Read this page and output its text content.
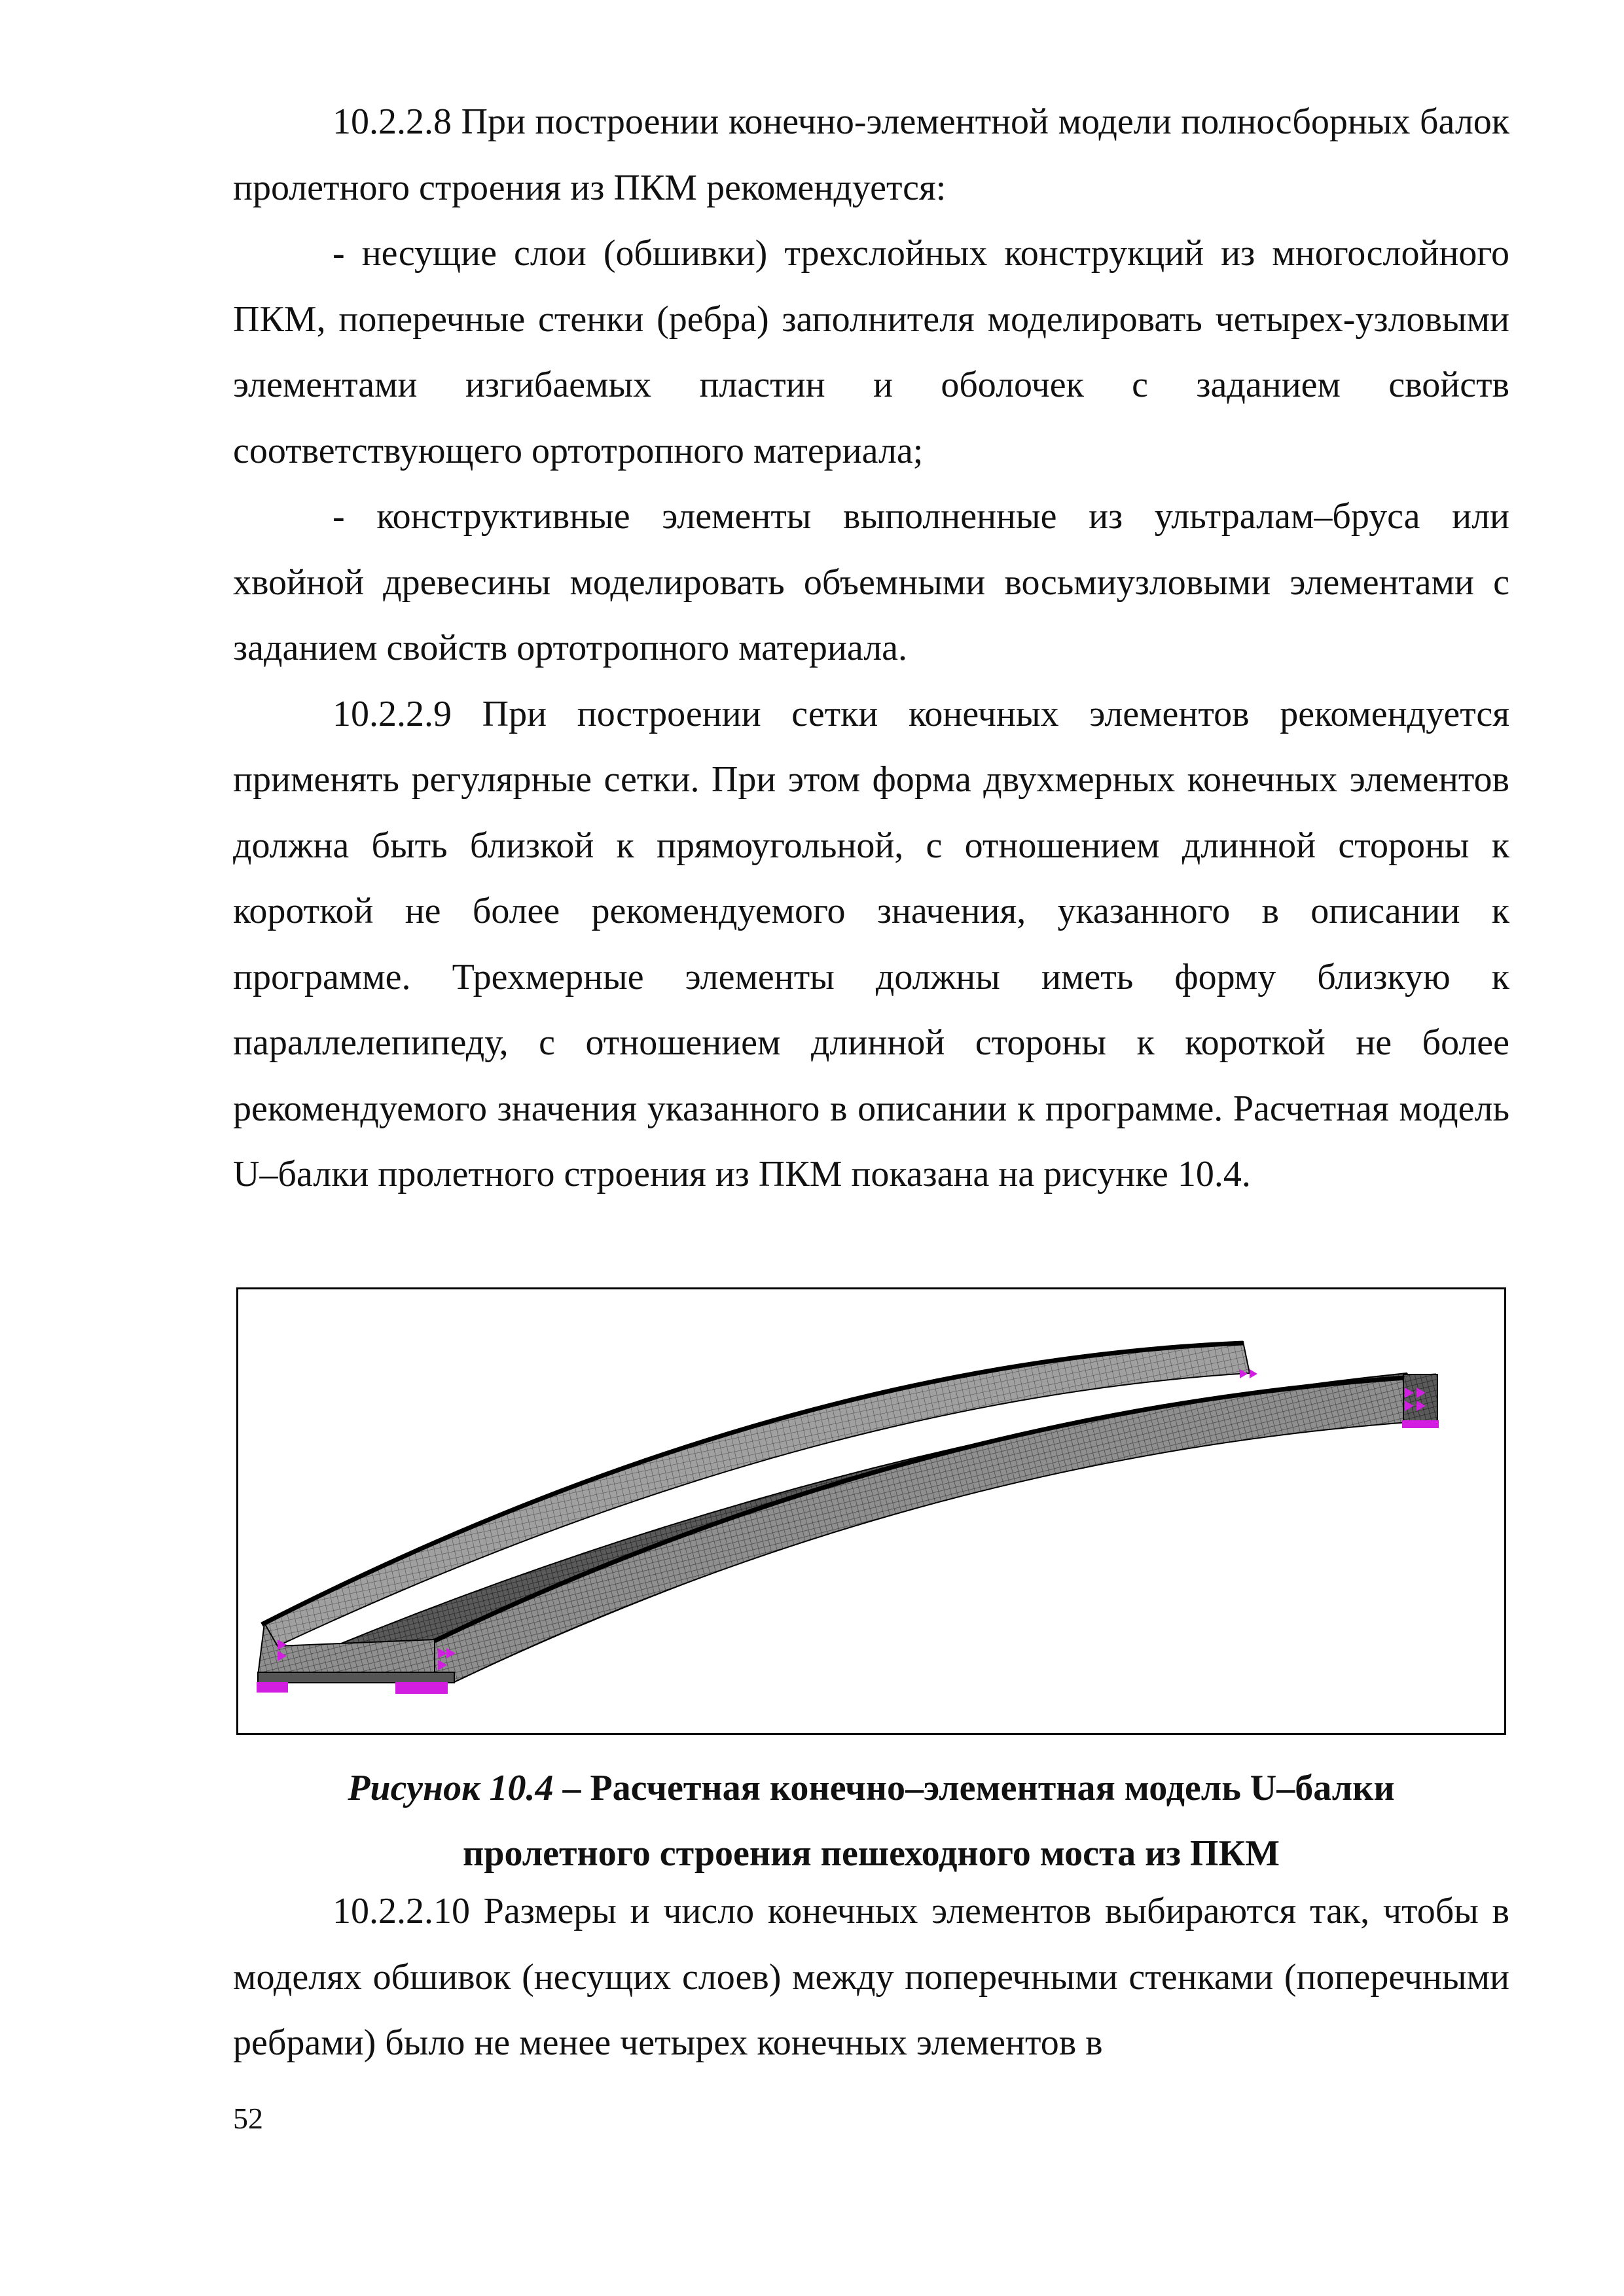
10.2.2.8 При построении конечно-элементной модели полносборных балок пролетного строения из ПКМ рекомендуется:

- несущие слои (обшивки) трехслойных конструкций из многослойного ПКМ, поперечные стенки (ребра) заполнителя моделировать четырех-узловыми элементами изгибаемых пластин и оболочек с заданием свойств соответствующего ортотропного материала;

- конструктивные элементы выполненные из ультралам–бруса или хвойной древесины моделировать объемными восьмиузловыми элементами с заданием свойств ортотропного материала.

10.2.2.9 При построении сетки конечных элементов рекомендуется применять регулярные сетки. При этом форма двухмерных конечных элементов должна быть близкой к прямоугольной, с отношением длинной стороны к короткой не более рекомендуемого значения, указанного в описании к программе. Трехмерные элементы должны иметь форму близкую к параллелепипеду, с отношением длинной стороны к короткой не более рекомендуемого значения указанного в описании к программе. Расчетная модель U–балки пролетного строения из ПКМ показана на рисунке 10.4.

Рисунок 10.4 – Расчетная конечно–элементная модель U–балки
пролетного строения пешеходного моста из ПКМ

10.2.2.10 Размеры и число конечных элементов выбираются так, чтобы в моделях обшивок (несущих слоев) между поперечными стенками (поперечными ребрами) было не менее четырех конечных элементов в

52
